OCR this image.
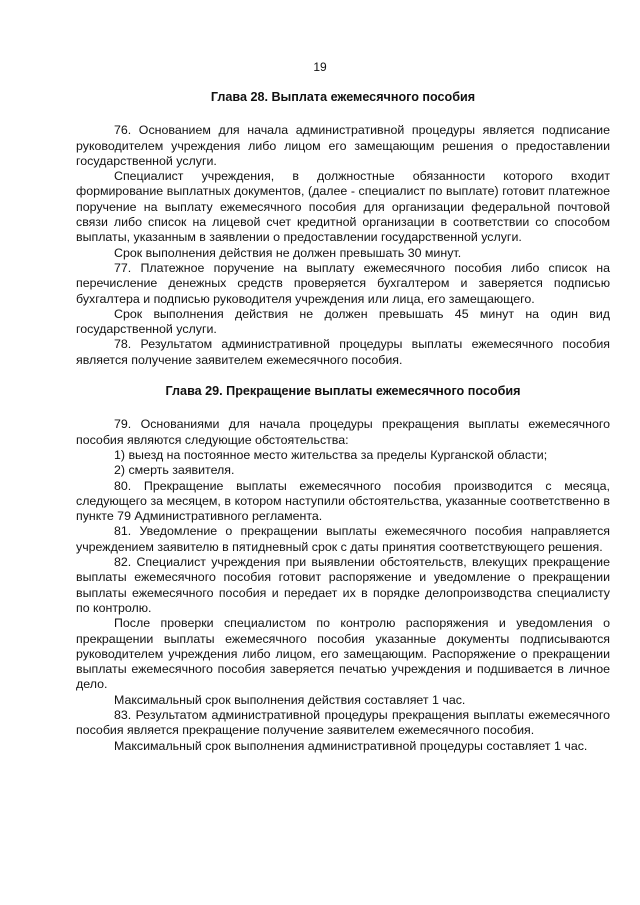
19
Глава 28. Выплата ежемесячного пособия

76. Основанием для начала административной процедуры является подписание руководителем учреждения либо лицом его замещающим решения о предоставлении государственной услуги.

Специалист учреждения, в должностные обязанности которого входит формирование выплатных документов, (далее - специалист по выплате) готовит платежное поручение на выплату ежемесячного пособия для организации федеральной почтовой связи либо список на лицевой счет кредитной организации в соответствии со способом выплаты, указанным в заявлении о предоставлении государственной услуги.

Срок выполнения действия не должен превышать 30 минут.

77. Платежное поручение на выплату ежемесячного пособия либо список на перечисление денежных средств проверяется бухгалтером и заверяется подписью бухгалтера и подписью руководителя учреждения или лица, его замещающего.

Срок выполнения действия не должен превышать 45 минут на один вид государственной услуги.

78. Результатом административной процедуры выплаты ежемесячного пособия является получение заявителем ежемесячного пособия.

Глава 29. Прекращение выплаты ежемесячного пособия

79. Основаниями для начала процедуры прекращения выплаты ежемесячного пособия являются следующие обстоятельства:

1) выезд на постоянное место жительства за пределы Курганской области;

2) смерть заявителя.

80. Прекращение выплаты ежемесячного пособия производится с месяца, следующего за месяцем, в котором наступили обстоятельства, указанные соответственно в пункте 79 Административного регламента.

81. Уведомление о прекращении выплаты ежемесячного пособия направляется учреждением заявителю в пятидневный срок с даты принятия соответствующего решения.

82. Специалист учреждения при выявлении обстоятельств, влекущих прекращение выплаты ежемесячного пособия готовит распоряжение и уведомление о прекращении выплаты ежемесячного пособия и передает их в порядке делопроизводства специалисту по контролю.

После проверки специалистом по контролю распоряжения и уведомления о прекращении выплаты ежемесячного пособия указанные документы подписываются руководителем учреждения либо лицом, его замещающим. Распоряжение о прекращении выплаты ежемесячного пособия заверяется печатью учреждения и подшивается в личное дело.

Максимальный срок выполнения действия составляет 1 час.

83. Результатом административной процедуры прекращения выплаты ежемесячного пособия является прекращение получение заявителем ежемесячного пособия.

Максимальный срок выполнения административной процедуры составляет 1 час.
